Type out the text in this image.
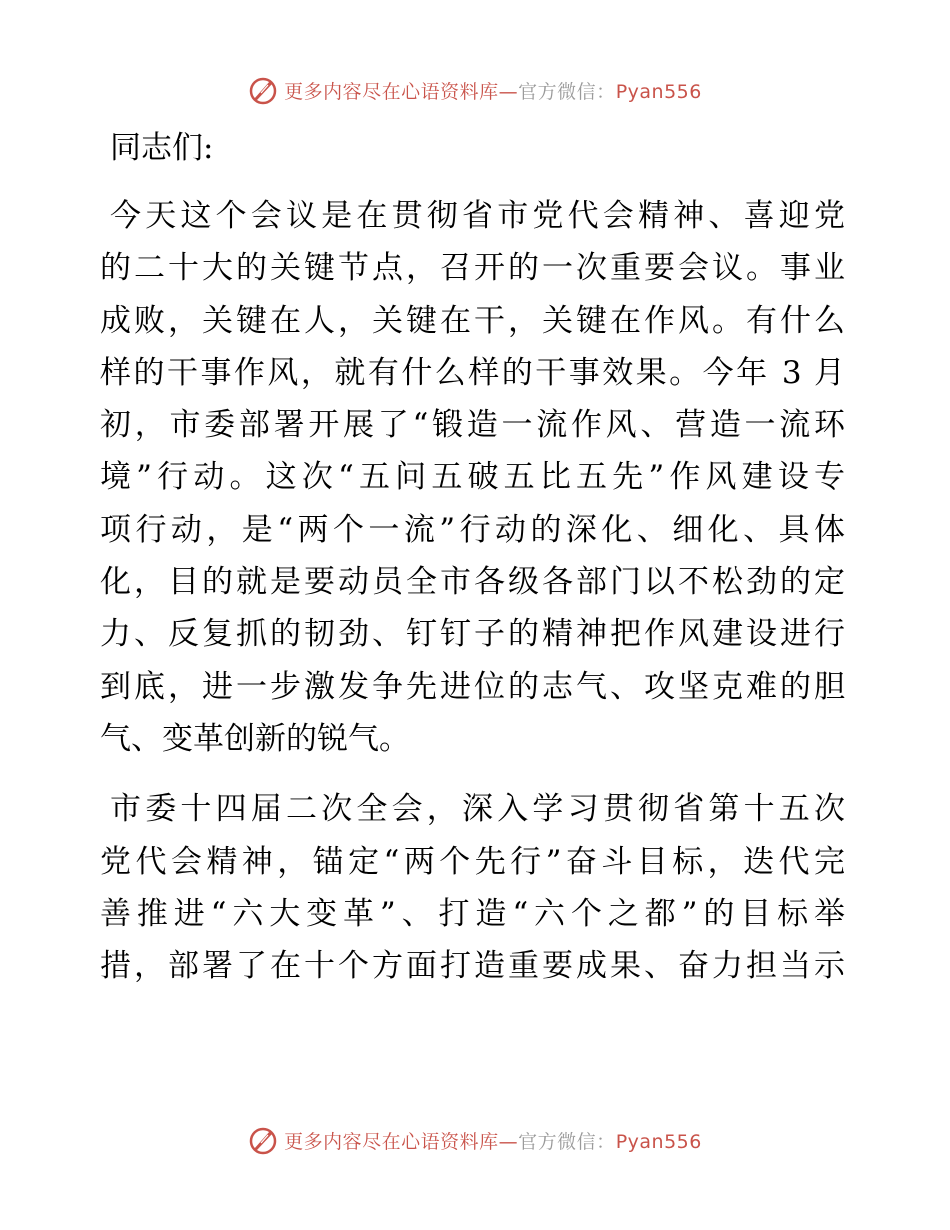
更多内容尽在心语资料库—官方微信：Pyan556
同志们:
今天这个会议是在贯彻省市党代会精神、喜迎党
的二十大的关键节点，召开的一次重要会议。事业
成败，关键在人，关键在干，关键在作风。有什么
样的干事作风，就有什么样的干事效果。今年 3 月
初，市委部署开展了“锻造一流作风、营造一流环
境”行动。这次“五问五破五比五先”作风建设专
项行动，是“两个一流”行动的深化、细化、具体
化，目的就是要动员全市各级各部门以不松劲的定
力、反复抓的韧劲、钉钉子的精神把作风建设进行
到底，进一步激发争先进位的志气、攻坚克难的胆
气、变革创新的锐气。
市委十四届二次全会，深入学习贯彻省第十五次
党代会精神，锚定“两个先行”奋斗目标，迭代完
善推进“六大变革”、打造“六个之都”的目标举
措，部署了在十个方面打造重要成果、奋力担当示
更多内容尽在心语资料库—官方微信：Pyan556
